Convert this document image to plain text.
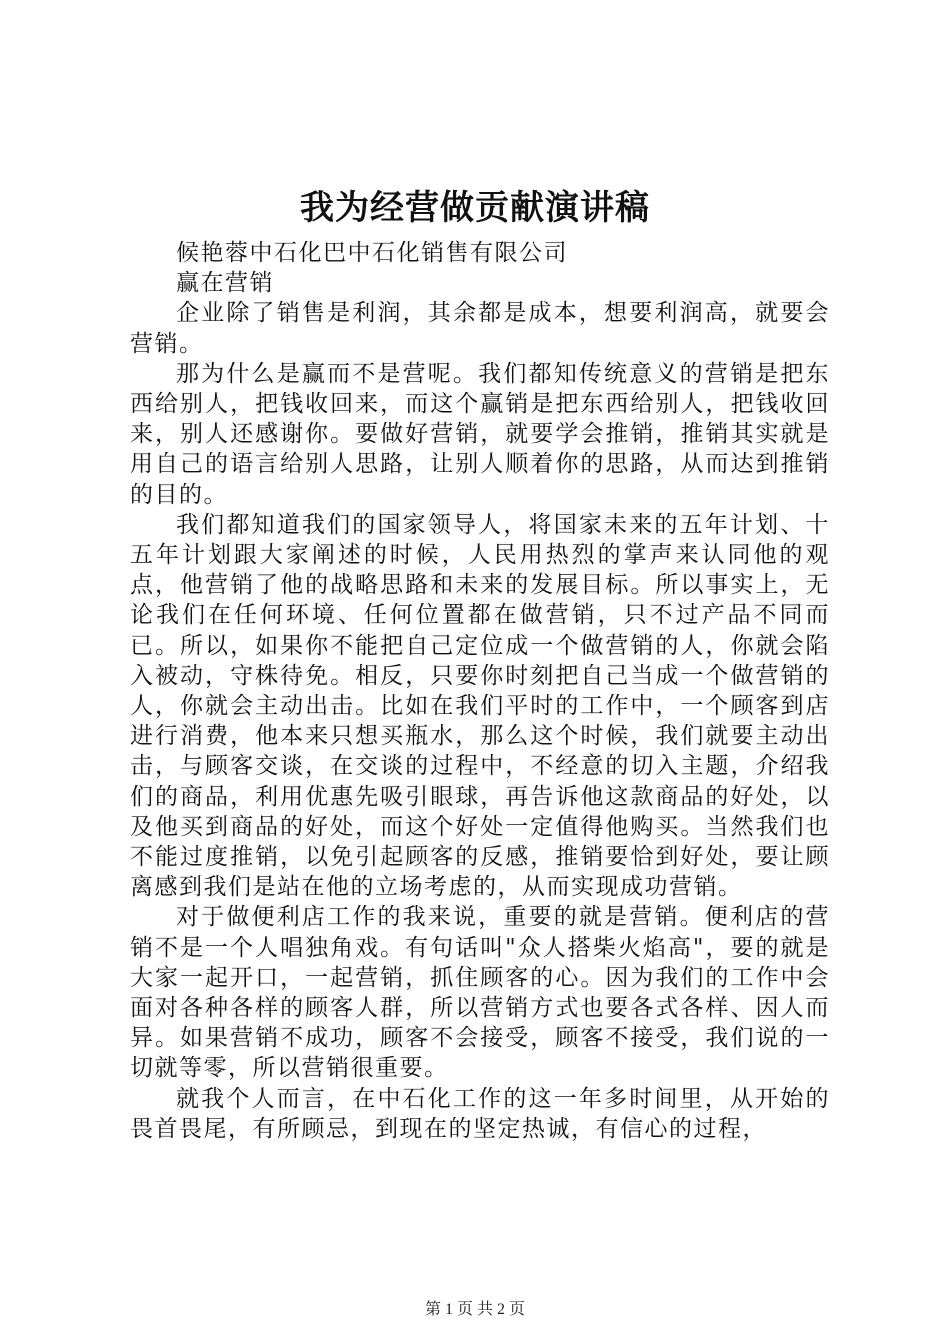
我为经营做贡献演讲稿

候艳蓉中石化巴中石化销售有限公司

赢在营销

企业除了销售是利润，其余都是成本，想要利润高，就要会营销。

那为什么是赢而不是营呢。我们都知传统意义的营销是把东西给别人，把钱收回来，而这个赢销是把东西给别人，把钱收回来，别人还感谢你。要做好营销，就要学会推销，推销其实就是用自己的语言给别人思路，让别人顺着你的思路，从而达到推销的目的。

我们都知道我们的国家领导人，将国家未来的五年计划、十五年计划跟大家阐述的时候，人民用热烈的掌声来认同他的观点，他营销了他的战略思路和未来的发展目标。所以事实上，无论我们在任何环境、任何位置都在做营销，只不过产品不同而已。所以，如果你不能把自己定位成一个做营销的人，你就会陷入被动，守株待免。相反，只要你时刻把自己当成一个做营销的人，你就会主动出击。比如在我们平时的工作中，一个顾客到店进行消费，他本来只想买瓶水，那么这个时候，我们就要主动出击，与顾客交谈，在交谈的过程中，不经意的切入主题，介绍我们的商品，利用优惠先吸引眼球，再告诉他这款商品的好处，以及他买到商品的好处，而这个好处一定值得他购买。当然我们也不能过度推销，以免引起顾客的反感，推销要恰到好处，要让顾离感到我们是站在他的立场考虑的，从而实现成功营销。

对于做便利店工作的我来说，重要的就是营销。便利店的营销不是一个人唱独角戏。有句话叫"众人搭柴火焰高"，要的就是大家一起开口，一起营销，抓住顾客的心。因为我们的工作中会面对各种各样的顾客人群，所以营销方式也要各式各样、因人而异。如果营销不成功，顾客不会接受，顾客不接受，我们说的一切就等零，所以营销很重要。

就我个人而言，在中石化工作的这一年多时间里，从开始的畏首畏尾，有所顾忌，到现在的坚定热诚，有信心的过程，

第 1 页 共 2 页
